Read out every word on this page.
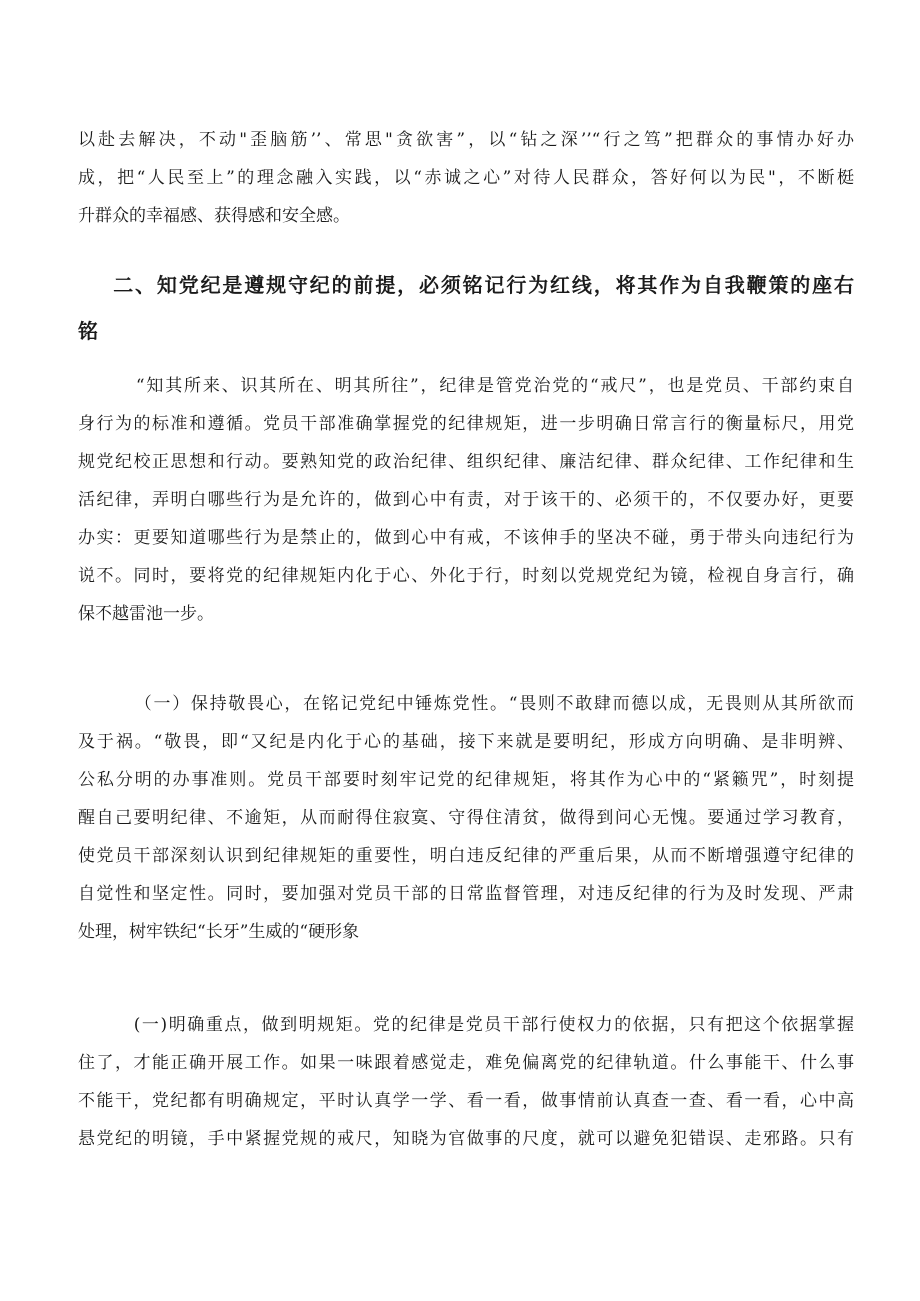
以赴去解决，不动"歪脑筋’’、常思"贪欲害”，以“钻之深’’“行之笃”把群众的事情办好办
成，把“人民至上”的理念融入实践，以“赤诚之心”对待人民群众，答好何以为民"，不断梃
升群众的幸福感、获得感和安全感。
二、知党纪是遵规守纪的前提，必须铭记行为红线，将其作为自我鞭策的座右
铭
“知其所来、识其所在、明其所往”，纪律是管党治党的“戒尺”，也是党员、干部约束自
身行为的标准和遵循。党员干部准确掌握党的纪律规矩，进一步明确日常言行的衡量标尺，用党
规党纪校正思想和行动。要熟知党的政治纪律、组织纪律、廉洁纪律、群众纪律、工作纪律和生
活纪律，弄明白哪些行为是允许的，做到心中有责，对于该干的、必须干的，不仅要办好，更要
办实：更要知道哪些行为是禁止的，做到心中有戒，不该伸手的坚决不碰，勇于带头向违纪行为
说不。同时，要将党的纪律规矩内化于心、外化于行，时刻以党规党纪为镜，检视自身言行，确
保不越雷池一步。
（一）保持敬畏心，在铭记党纪中锤炼党性。“畏则不敢肆而德以成，无畏则从其所欲而
及于祸。“敬畏，即“又纪是内化于心的基础，接下来就是要明纪，形成方向明确、是非明辨、
公私分明的办事准则。党员干部要时刻牢记党的纪律规矩，将其作为心中的“紧籁咒”，时刻提
醒自己要明纪律、不逾矩，从而耐得住寂寞、守得住清贫，做得到问心无愧。要通过学习教育，
使党员干部深刻认识到纪律规矩的重要性，明白违反纪律的严重后果，从而不断增强遵守纪律的
自觉性和坚定性。同时，要加强对党员干部的日常监督管理，对违反纪律的行为及时发现、严肃
处理，树牢铁纪“长牙”生威的“硬形象
(一)明确重点，做到明规矩。党的纪律是党员干部行使权力的依据，只有把这个依据掌握
住了，才能正确开展工作。如果一味跟着感觉走，难免偏离党的纪律轨道。什么事能干、什么事
不能干，党纪都有明确规定，平时认真学一学、看一看，做事情前认真查一查、看一看，心中高
悬党纪的明镜，手中紧握党规的戒尺，知晓为官做事的尺度，就可以避免犯错误、走邪路。只有
